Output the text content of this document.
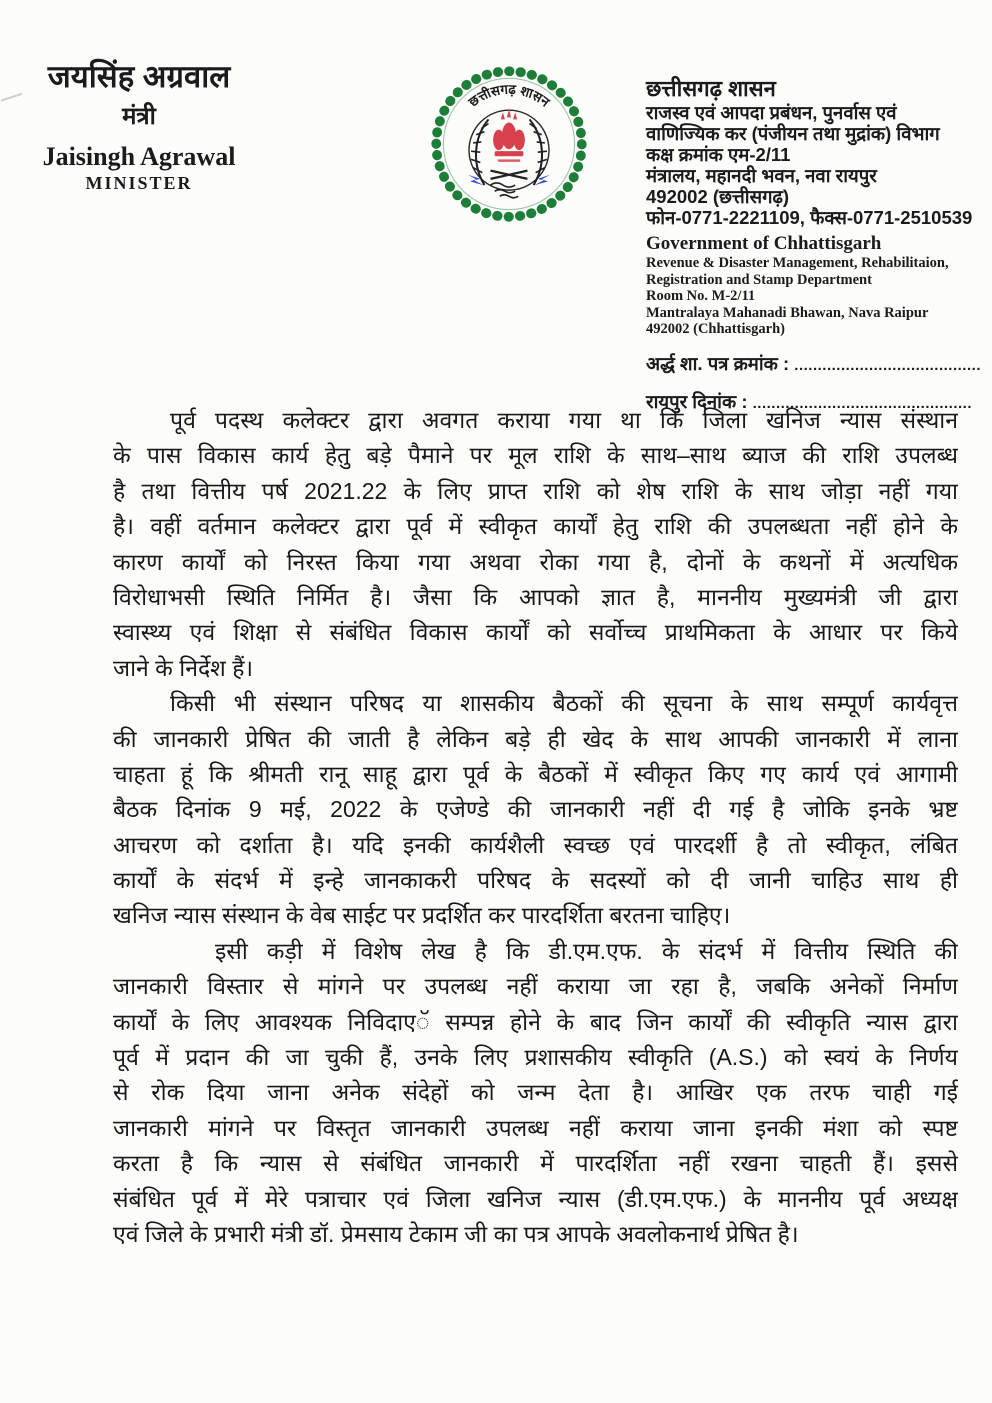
जयसिंह अग्रवाल
मंत्री
Jaisingh Agrawal
MINISTER
छत्तीसगढ़ शासन
छत्तीसगढ़ शासन
राजस्व एवं आपदा प्रबंधन, पुनर्वास एवं
वाणिज्यिक कर (पंजीयन तथा मुद्रांक) विभाग
कक्ष क्रमांक एम-2/11
मंत्रालय, महानदी भवन, नवा रायपुर
492002 (छत्तीसगढ़)
फोन-0771-2221109, फैक्स-0771-2510539
Government of Chhattisgarh
Revenue & Disaster Management, Rehabilitaion,
Registration and Stamp Department
Room No. M-2/11
Mantralaya Mahanadi Bhawan, Nava Raipur
492002 (Chhattisgarh)
अर्द्ध शा. पत्र क्रमांक : ........................................
रायपुर दिनांक : ...............................................
पूर्व पदस्थ कलेक्टर द्वारा अवगत कराया गया था कि जिला खनिज न्यास संस्थान
के पास विकास कार्य हेतु बड़े पैमाने पर मूल राशि के साथ–साथ ब्याज की राशि उपलब्ध
है तथा वित्तीय पर्ष 2021.22 के लिए प्राप्त राशि को शेष राशि के साथ जोड़ा नहीं गया
है। वहीं वर्तमान कलेक्टर द्वारा पूर्व में स्वीकृत कार्यों हेतु राशि की उपलब्धता नहीं होने के
कारण कार्यों को निरस्त किया गया अथवा रोका गया है, दोनों के कथनों में अत्यधिक
विरोधाभसी स्थिति निर्मित है। जैसा कि आपको ज्ञात है, माननीय मुख्यमंत्री जी द्वारा
स्वास्थ्य एवं शिक्षा से संबंधित विकास कार्यों को सर्वोच्च प्राथमिकता के आधार पर किये
जाने के निर्देश हैं।
किसी भी संस्थान परिषद या शासकीय बैठकों की सूचना के साथ सम्पूर्ण कार्यवृत्त
की जानकारी प्रेषित की जाती है लेकिन बड़े ही खेद के साथ आपकी जानकारी में लाना
चाहता हूं कि श्रीमती रानू साहू द्वारा पूर्व के बैठकों में स्वीकृत किए गए कार्य एवं आगामी
बैठक दिनांक 9 मई, 2022 के एजेण्डे की जानकारी नहीं दी गई है जोकि इनके भ्रष्ट
आचरण को दर्शाता है। यदि इनकी कार्यशैली स्वच्छ एवं पारदर्शी है तो स्वीकृत, लंबित
कार्यों के संदर्भ में इन्हे जानकाकरी परिषद के सदस्यों को दी जानी चाहिउ साथ ही
खनिज न्यास संस्थान के वेब साईट पर प्रदर्शित कर पारदर्शिता बरतना चाहिए।
इसी कड़ी में विशेष लेख है कि डी.एम.एफ. के संदर्भ में वित्तीय स्थिति की
जानकारी विस्तार से मांगने पर उपलब्ध नहीं कराया जा रहा है, जबकि अनेकों निर्माण
कार्यों के लिए आवश्यक निविदाएॅ सम्पन्न होने के बाद जिन कार्यों की स्वीकृति न्यास द्वारा
पूर्व में प्रदान की जा चुकी हैं, उनके लिए प्रशासकीय स्वीकृति (A.S.) को स्वयं के निर्णय
से रोक दिया जाना अनेक संदेहों को जन्म देता है। आखिर एक तरफ चाही गई
जानकारी मांगने पर विस्तृत जानकारी उपलब्ध नहीं कराया जाना इनकी मंशा को स्पष्ट
करता है कि न्यास से संबंधित जानकारी में पारदर्शिता नहीं रखना चाहती हैं। इससे
संबंधित पूर्व में मेरे पत्राचार एवं जिला खनिज न्यास (डी.एम.एफ.) के माननीय पूर्व अध्यक्ष
एवं जिले के प्रभारी मंत्री डॉ. प्रेमसाय टेकाम जी का पत्र आपके अवलोकनार्थ प्रेषित है।
